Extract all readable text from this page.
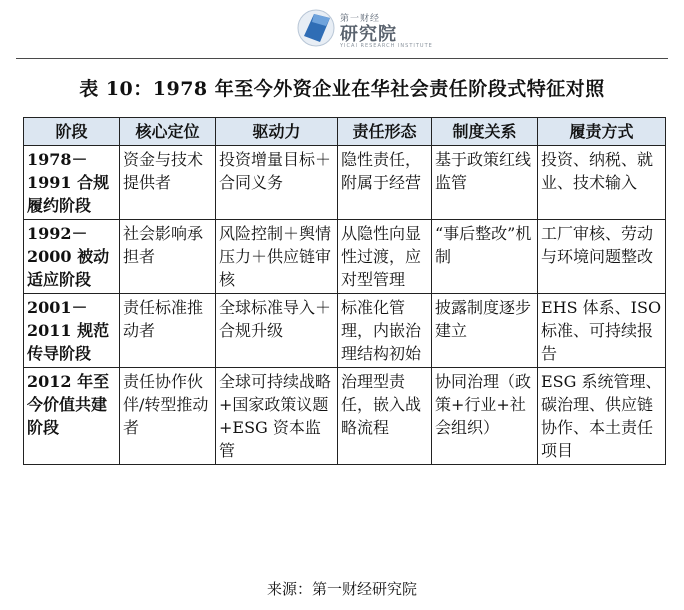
第一财经
研究院
YICAI RESEARCH INSTITUTE
表 10：1978 年至今外资企业在华社会责任阶段式特征对照
阶段	核心定位	驱动力	责任形态	制度关系	履责方式
1978－1991 合规履约阶段	资金与技术提供者	投资增量目标＋合同义务	隐性责任，附属于经营	基于政策红线监管	投资、纳税、就业、技术输入
1992－2000 被动适应阶段	社会影响承担者	风险控制＋舆情压力＋供应链审核	从隐性向显性过渡，应对型管理	“事后整改”机制	工厂审核、劳动与环境问题整改
2001－2011 规范传导阶段	责任标准推动者	全球标准导入＋合规升级	标准化管理，内嵌治理结构初始	披露制度逐步建立	EHS 体系、ISO 标准、可持续报告
2012 年至今价值共建阶段	责任协作伙伴/转型推动者	全球可持续战略+国家政策议题+ESG 资本监管	治理型责任，嵌入战略流程	协同治理（政策+行业+社会组织）	ESG 系统管理、碳治理、供应链协作、本土责任项目
来源：第一财经研究院
